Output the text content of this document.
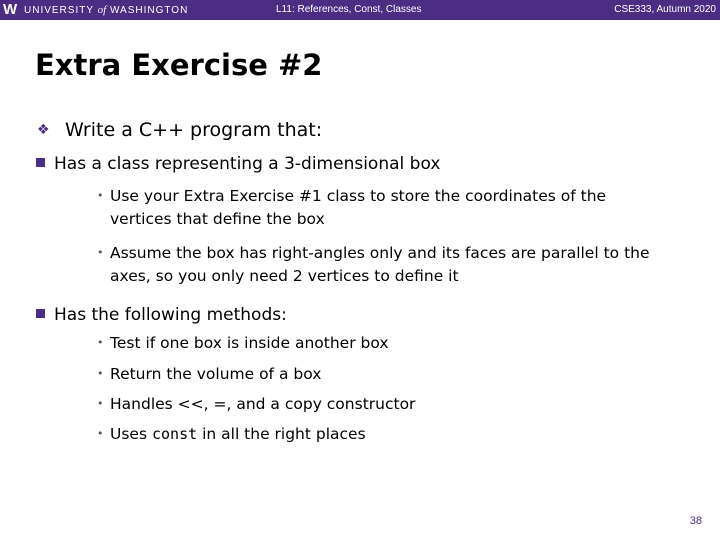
W UNIVERSITY of WASHINGTON	L11: References, Const, Classes	CSE333, Autumn 2020
Extra Exercise #2
❖ Write a C++ program that:
Has a class representing a 3-dimensional box
• Use your Extra Exercise #1 class to store the coordinates of the
vertices that define the box
• Assume the box has right-angles only and its faces are parallel to the
axes, so you only need 2 vertices to define it
Has the following methods:
• Test if one box is inside another box
• Return the volume of a box
• Handles <<, =, and a copy constructor
• Uses const in all the right places
38
